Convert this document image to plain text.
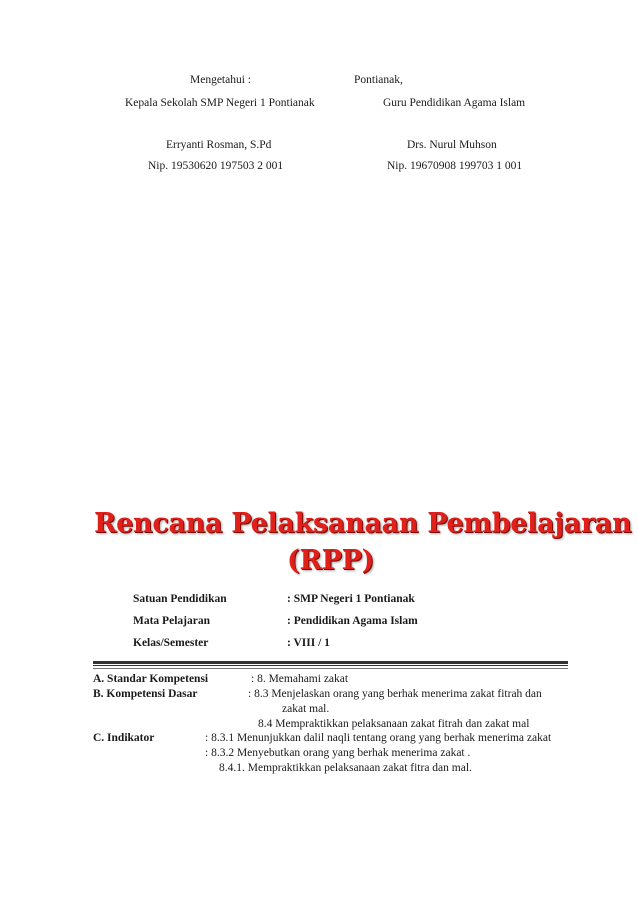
Mengetahui :	Pontianak,
Kepala Sekolah SMP Negeri 1 Pontianak	Guru Pendidikan Agama Islam
Erryanti Rosman, S.Pd	Drs. Nurul Muhson
Nip. 19530620 197503 2 001	Nip. 19670908 199703 1 001
Rencana Pelaksanaan Pembelajaran
(RPP)
Satuan Pendidikan	: SMP Negeri 1 Pontianak
Mata Pelajaran	: Pendidikan Agama Islam
Kelas/Semester	: VIII / 1
A. Standar Kompetensi	: 8. Memahami zakat
B. Kompetensi Dasar	: 8.3 Menjelaskan orang yang berhak menerima zakat fitrah dan
zakat mal.
8.4 Mempraktikkan pelaksanaan zakat fitrah dan zakat mal
C. Indikator	: 8.3.1 Menunjukkan dalil naqli tentang orang yang berhak menerima zakat
: 8.3.2 Menyebutkan orang yang berhak menerima zakat .
8.4.1. Mempraktikkan pelaksanaan zakat fitra dan mal.
